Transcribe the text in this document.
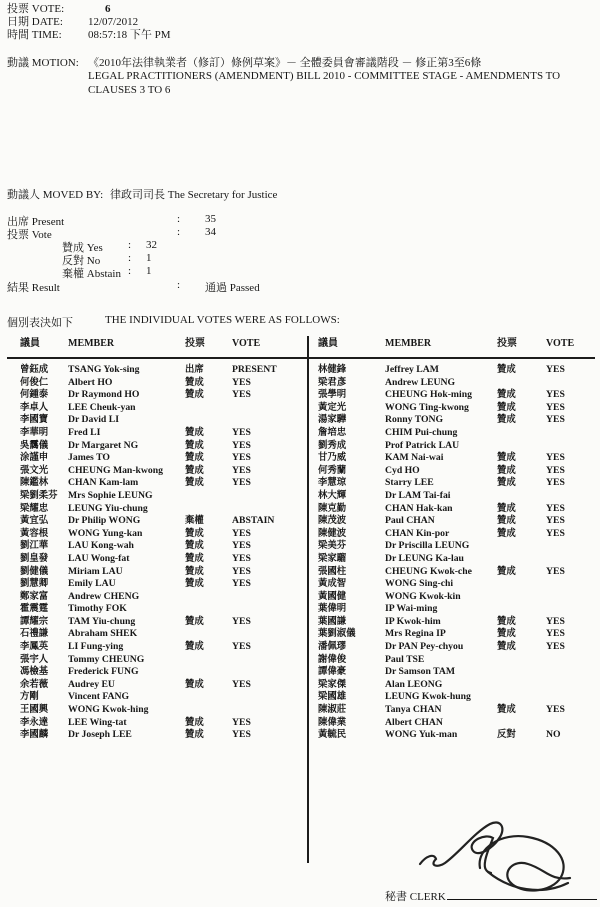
投票 VOTE:	6
日期 DATE:	12/07/2012
時間 TIME:	08:57:18 下午 PM
動議 MOTION: 《2010年法律執業者（修訂）條例草案》－ 全體委員會審議階段 － 修正第3至6條
LEGAL PRACTITIONERS (AMENDMENT) BILL 2010 - COMMITTEE STAGE - AMENDMENTS TO
CLAUSES 3 TO 6
動議人 MOVED BY: 律政司司長 The Secretary for Justice
出席 Present	: 35
投票 Vote	: 34
贊成 Yes : 32
反對 No	: 1
棄權 Abstain : 1
結果 Result	: 通過 Passed
個別表決如下	THE INDIVIDUAL VOTES WERE AS FOLLOWS:
議員	MEMBER	投票	VOTE
曾鈺成	TSANG Yok-sing	出席	PRESENT
何俊仁	Albert HO	贊成	YES
何鍾泰	Dr Raymond HO	贊成	YES
李卓人	LEE Cheuk-yan
李國寶	Dr David LI
李華明	Fred LI	贊成	YES
吳靄儀	Dr Margaret NG	贊成	YES
涂謹申	James TO	贊成	YES
張文光	CHEUNG Man-kwong	贊成	YES
陳鑑林	CHAN Kam-lam	贊成	YES
梁劉柔芬	Mrs Sophie LEUNG
梁耀忠	LEUNG Yiu-chung
黃宜弘	Dr Philip WONG	棄權	ABSTAIN
黃容根	WONG Yung-kan	贊成	YES
劉江華	LAU Kong-wah	贊成	YES
劉皇發	LAU Wong-fat	贊成	YES
劉健儀	Miriam LAU	贊成	YES
劉慧卿	Emily LAU	贊成	YES
鄭家富	Andrew CHENG
霍震霆	Timothy FOK
譚耀宗	TAM Yiu-chung	贊成	YES
石禮謙	Abraham SHEK
李鳳英	LI Fung-ying	贊成	YES
張宇人	Tommy CHEUNG
馮檢基	Frederick FUNG
余若薇	Audrey EU	贊成	YES
方剛	Vincent FANG
王國興	WONG Kwok-hing
李永達	LEE Wing-tat	贊成	YES
李國麟	Dr Joseph LEE	贊成	YES
議員	MEMBER	投票	VOTE
林健鋒	Jeffrey LAM	贊成	YES
梁君彥	Andrew LEUNG
張學明	CHEUNG Hok-ming	贊成	YES
黃定光	WONG Ting-kwong	贊成	YES
湯家驊	Ronny TONG	贊成	YES
詹培忠	CHIM Pui-chung
劉秀成	Prof Patrick LAU
甘乃威	KAM Nai-wai	贊成	YES
何秀蘭	Cyd HO	贊成	YES
李慧琼	Starry LEE	贊成	YES
林大輝	Dr LAM Tai-fai
陳克勤	CHAN Hak-kan	贊成	YES
陳茂波	Paul CHAN	贊成	YES
陳健波	CHAN Kin-por	贊成	YES
梁美芬	Dr Priscilla LEUNG
梁家騮	Dr LEUNG Ka-lau
張國柱	CHEUNG Kwok-che	贊成	YES
黃成智	WONG Sing-chi
黃國健	WONG Kwok-kin
葉偉明	IP Wai-ming
葉國謙	IP Kwok-him	贊成	YES
葉劉淑儀	Mrs Regina IP	贊成	YES
潘佩璆	Dr PAN Pey-chyou	贊成	YES
謝偉俊	Paul TSE
譚偉豪	Dr Samson TAM
梁家傑	Alan LEONG
梁國雄	LEUNG Kwok-hung
陳淑莊	Tanya CHAN	贊成	YES
陳偉業	Albert CHAN
黃毓民	WONG Yuk-man	反對	NO
秘書 CLERK
